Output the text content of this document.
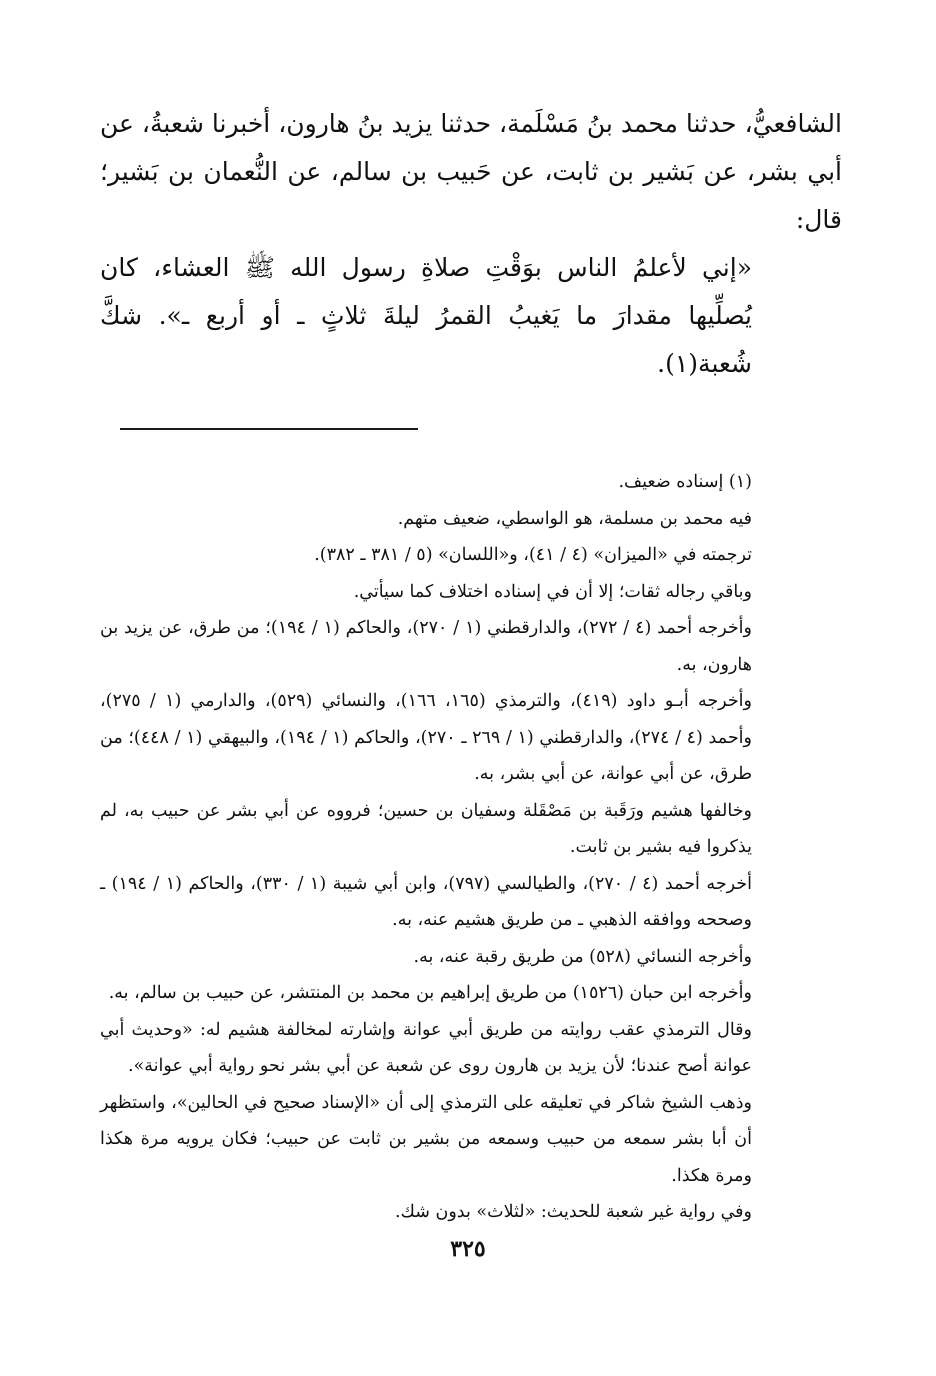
الشافعيُّ، حدثنا محمد بنُ مَسْلَمة، حدثنا يزيد بنُ هارون، أخبرنا شعبةُ، عن أبي بشر، عن بَشير بن ثابت، عن حَبيب بن سالم، عن النُّعمان بن بَشير؛ قال:

«إني لأعلمُ الناس بوَقْتِ صلاةِ رسول الله ﷺ العشاء، كان يُصلِّيها مقدارَ ما يَغيبُ القمرُ ليلةَ ثلاثٍ ـ أو أربع ـ». شكَّ شُعبة(١).

(١) إسناده ضعيف.

فيه محمد بن مسلمة، هو الواسطي، ضعيف متهم.

ترجمته في «الميزان» (٤ / ٤١)، و«اللسان» (٥ / ٣٨١ ـ ٣٨٢).

وباقي رجاله ثقات؛ إلا أن في إسناده اختلاف كما سيأتي.

وأخرجه أحمد (٤ / ٢٧٢)، والدارقطني (١ / ٢٧٠)، والحاكم (١ / ١٩٤)؛ من طرق، عن يزيد بن هارون، به.

وأخرجه أبـو داود (٤١٩)، والترمذي (١٦٥، ١٦٦)، والنسائي (٥٢٩)، والدارمي (١ / ٢٧٥)، وأحمد (٤ / ٢٧٤)، والدارقطني (١ / ٢٦٩ ـ ٢٧٠)، والحاكم (١ / ١٩٤)، والبيهقي (١ / ٤٤٨)؛ من طرق، عن أبي عوانة، عن أبي بشر، به.

وخالفها هشيم ورَقَبة بن مَصْقَلة وسفيان بن حسين؛ فرووه عن أبي بشر عن حبيب به، لم يذكروا فيه بشير بن ثابت.

أخرجه أحمد (٤ / ٢٧٠)، والطيالسي (٧٩٧)، وابن أبي شيبة (١ / ٣٣٠)، والحاكم (١ / ١٩٤) ـ وصححه ووافقه الذهبي ـ من طريق هشيم عنه، به.

وأخرجه النسائي (٥٢٨) من طريق رقبة عنه، به.

وأخرجه ابن حبان (١٥٢٦) من طريق إبراهيم بن محمد بن المنتشر، عن حبيب بن سالم، به.

وقال الترمذي عقب روايته من طريق أبي عوانة وإشارته لمخالفة هشيم له: «وحديث أبي عوانة أصح عندنا؛ لأن يزيد بن هارون روى عن شعبة عن أبي بشر نحو رواية أبي عوانة».

وذهب الشيخ شاكر في تعليقه على الترمذي إلى أن «الإسناد صحيح في الحالين»، واستظهر أن أبا بشر سمعه من حبيب وسمعه من بشير بن ثابت عن حبيب؛ فكان يرويه مرة هكذا ومرة هكذا.

وفي رواية غير شعبة للحديث: «لثلاث» بدون شك.

٣٢٥
